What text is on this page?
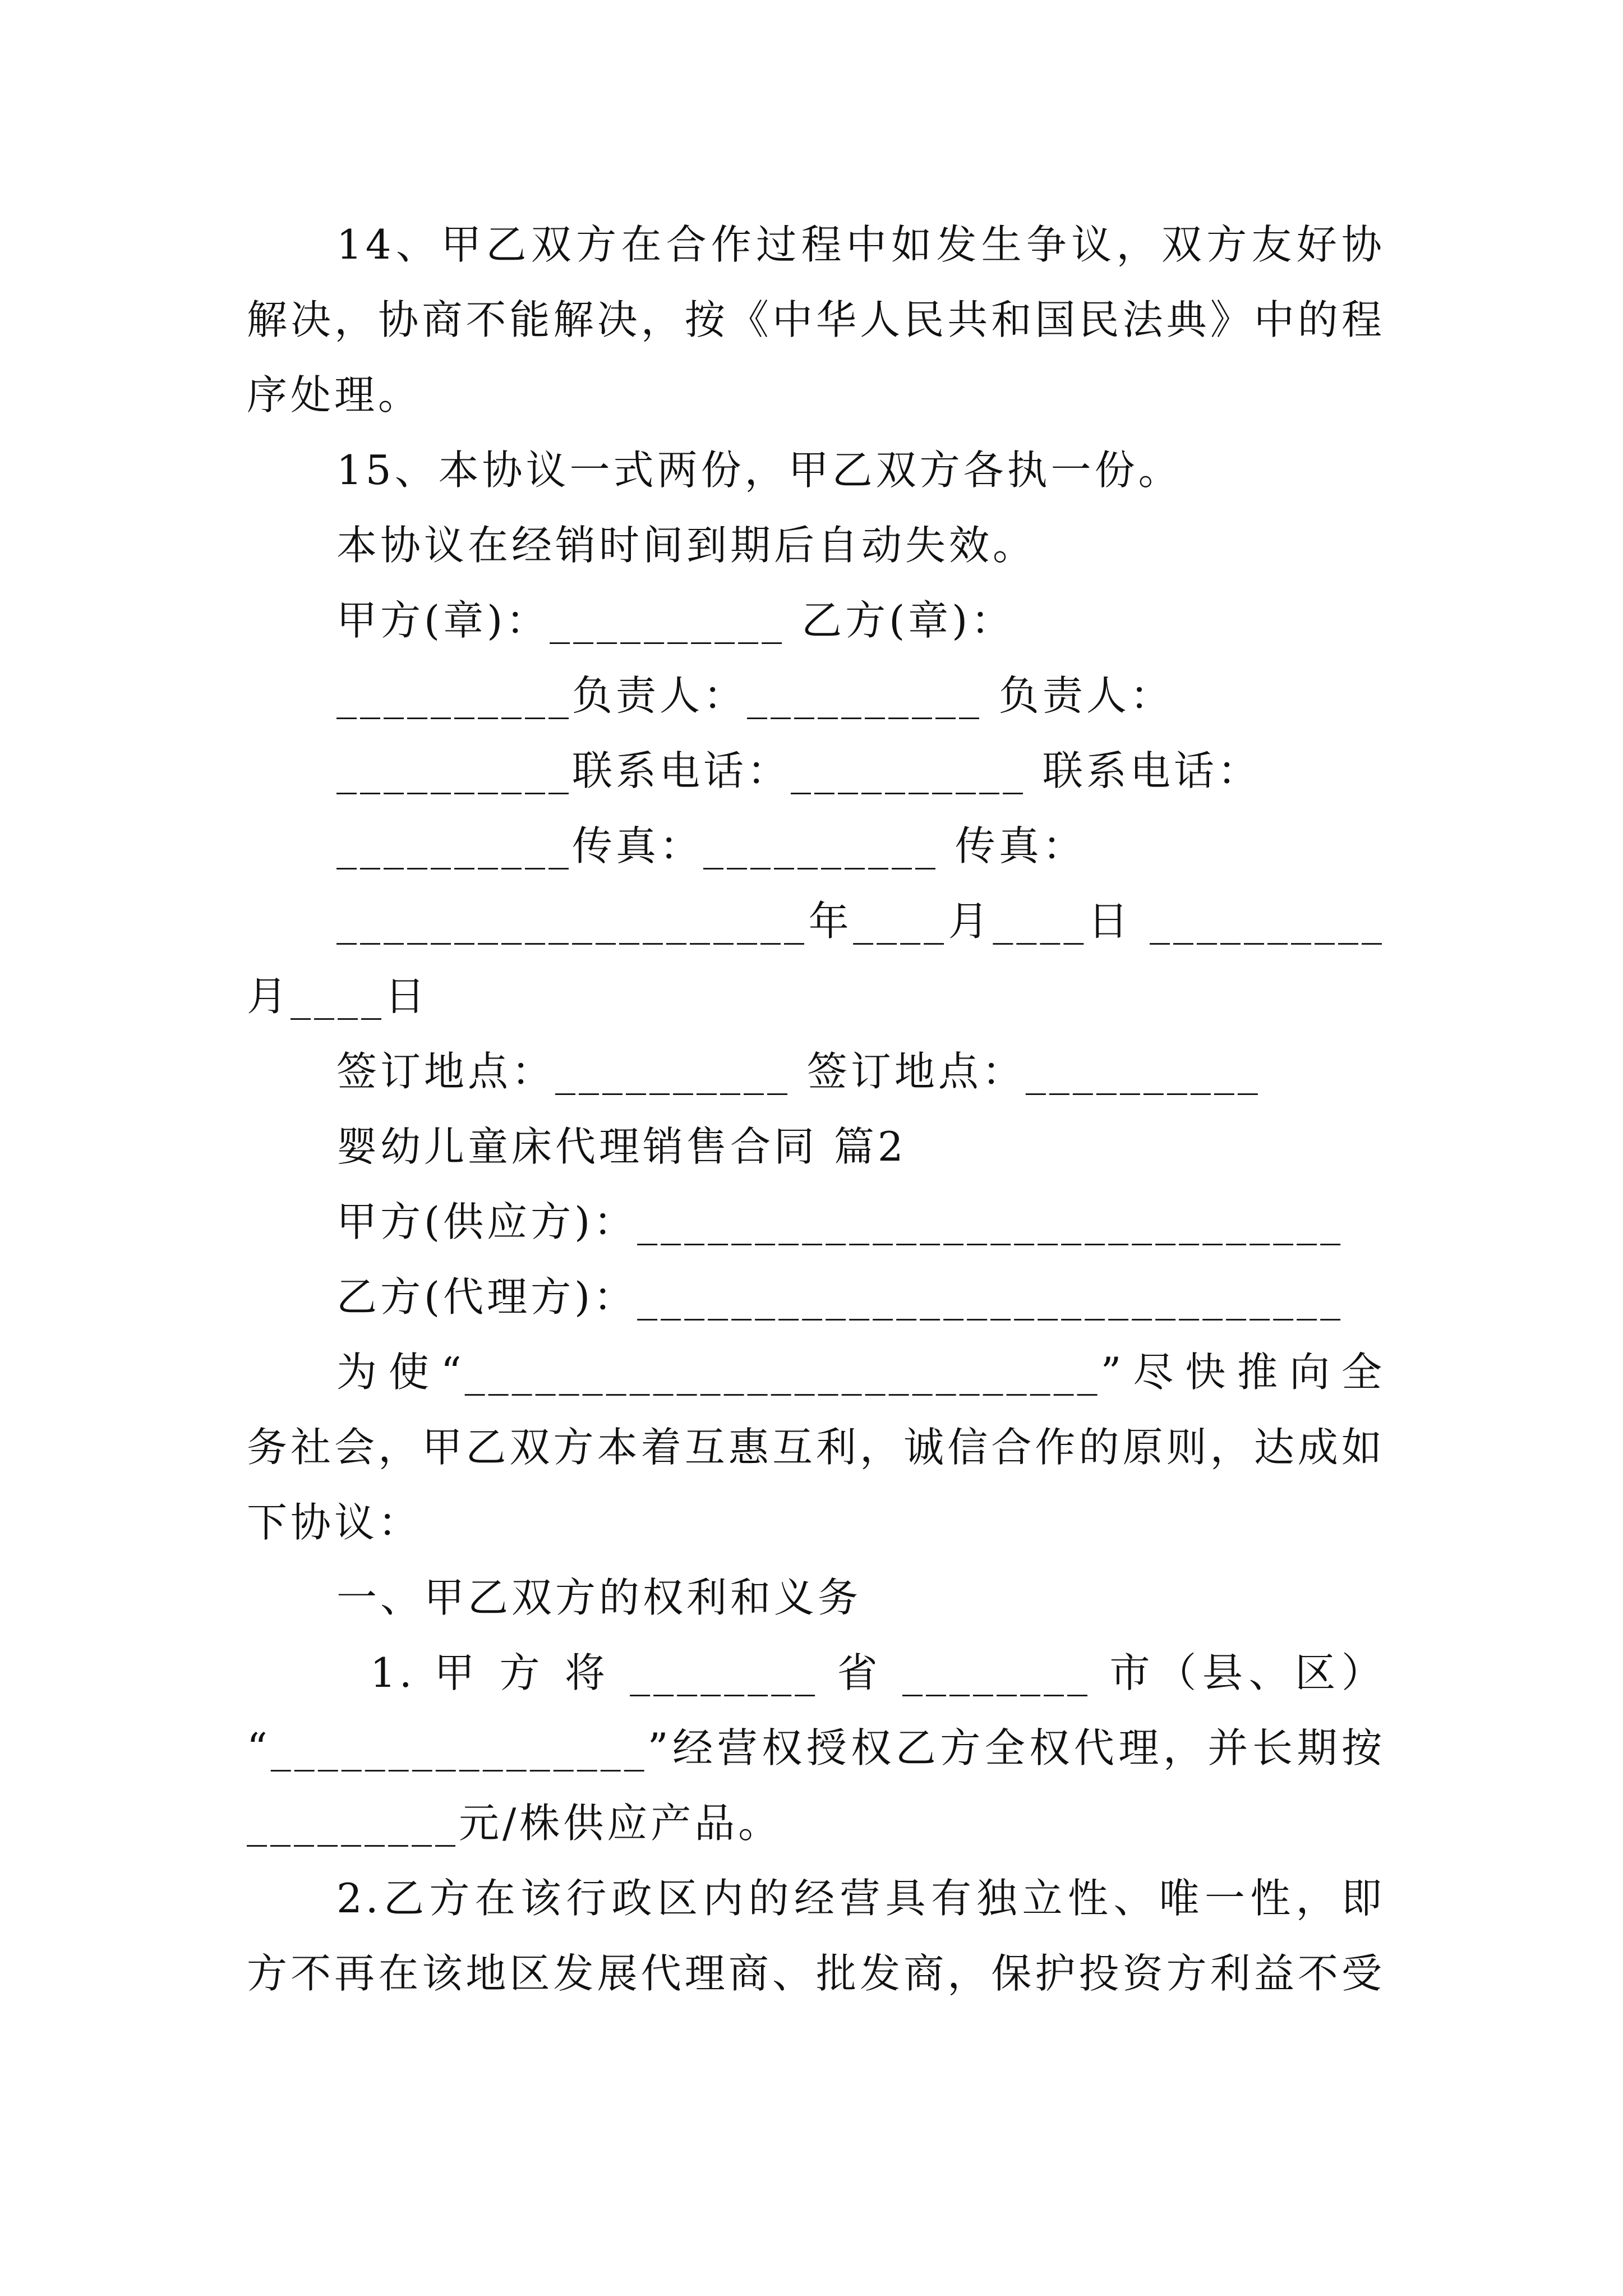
14、甲乙双方在合作过程中如发生争议，双方友好协
解决，协商不能解决，按《中华人民共和国民法典》中的程
序处理。
15、本协议一式两份，甲乙双方各执一份。
本协议在经销时间到期后自动失效。
甲方(章)：__________ 乙方(章)：
__________负责人：__________ 负责人：
__________联系电话：__________ 联系电话：
__________传真：__________ 传真：
____________________年____月____日 __________
月____日
签订地点：__________ 签订地点：__________
婴幼儿童床代理销售合同 篇2
甲方(供应方)：______________________________
乙方(代理方)：______________________________
为使“___________________________”尽快推向全
务社会，甲乙双方本着互惠互利，诚信合作的原则，达成如
下协议：
一、甲乙双方的权利和义务
1. 甲 方 将 ________ 省 ________ 市（县、区）
“________________”经营权授权乙方全权代理，并长期按
_________元/株供应产品。
2.乙方在该行政区内的经营具有独立性、唯一性，即
方不再在该地区发展代理商、批发商，保护投资方利益不受
